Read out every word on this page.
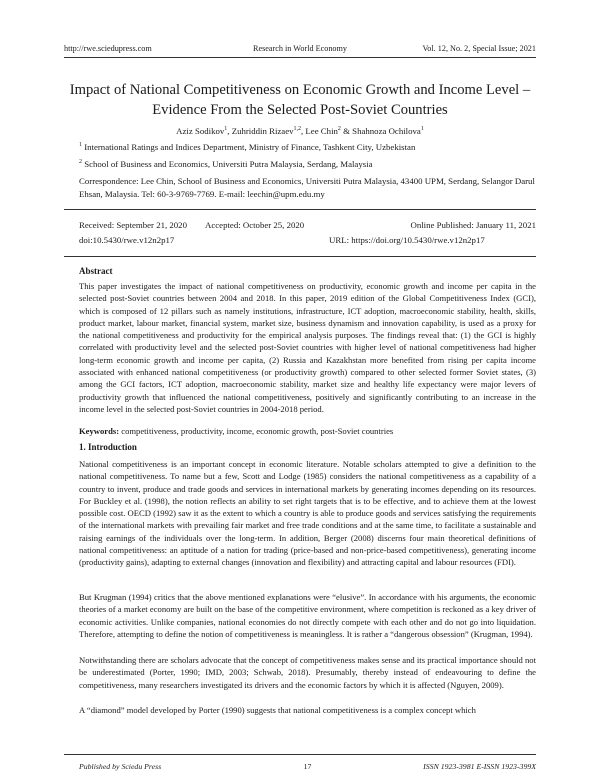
http://rwe.sciedupress.com	Research in World Economy	Vol. 12, No. 2, Special Issue; 2021
Impact of National Competitiveness on Economic Growth and Income Level – Evidence From the Selected Post-Soviet Countries
Aziz Sodikov$^1$, Zuhriddin Rizaev$^{1,2}$, Lee Chin$^2$ & Shahnoza Ochilova$^1$
$^1$ International Ratings and Indices Department, Ministry of Finance, Tashkent City, Uzbekistan
$^2$ School of Business and Economics, Universiti Putra Malaysia, Serdang, Malaysia
Correspondence: Lee Chin, School of Business and Economics, Universiti Putra Malaysia, 43400 UPM, Serdang, Selangor Darul Ehsan, Malaysia. Tel: 60-3-9769-7769. E-mail: leechin@upm.edu.my
Received: September 21, 2020 Accepted: October 25, 2020	Online Published: January 11, 2021
doi:10.5430/rwe.v12n2p17	URL: https://doi.org/10.5430/rwe.v12n2p17
Abstract

This paper investigates the impact of national competitiveness on productivity, economic growth and income per capita in the selected post-Soviet countries between 2004 and 2018. In this paper, 2019 edition of the Global Competitiveness Index (GCI), which is composed of 12 pillars such as namely institutions, infrastructure, ICT adoption, macroeconomic stability, health, skills, product market, labour market, financial system, market size, business dynamism and innovation capability, is used as a proxy for the national competitiveness and productivity for the empirical analysis purposes. The findings reveal that: (1) the GCI is highly correlated with productivity level and the selected post-Soviet countries with higher level of national competitiveness had higher long-term economic growth and income per capita, (2) Russia and Kazakhstan more benefited from rising per capita income associated with enhanced national competitiveness (or productivity growth) compared to other selected former Soviet states, (3) among the GCI factors, ICT adoption, macroeconomic stability, market size and healthy life expectancy were major levers of productivity growth that influenced the national competitiveness, positively and significantly contributing to an increase in the income level in the selected post-Soviet countries in 2004-2018 period.

Keywords: competitiveness, productivity, income, economic growth, post-Soviet countries
1. Introduction

National competitiveness is an important concept in economic literature. Notable scholars attempted to give a definition to the national competitiveness. To name but a few, Scott and Lodge (1985) considers the national competitiveness as a capability of a country to invent, produce and trade goods and services in international markets by generating incomes depending on its resources. For Buckley et al. (1998), the notion reflects an ability to set right targets that is to be effective, and to achieve them at the lowest possible cost. OECD (1992) saw it as the extent to which a country is able to produce goods and services satisfying the requirements of the international markets with prevailing fair market and free trade conditions and at the same time, to facilitate a sustainable and raising earnings of the individuals over the long-term. In addition, Berger (2008) discerns four main theoretical definitions of national competitiveness: an aptitude of a nation for trading (price-based and non-price-based competitiveness), generating income (productivity gains), adapting to external changes (innovation and flexibility) and attracting capital and labour resources (FDI).

But Krugman (1994) critics that the above mentioned explanations were “elusive”. In accordance with his arguments, the economic theories of a market economy are built on the base of the competitive environment, where competition is reckoned as a key driver of economic activities. Unlike companies, national economies do not directly compete with each other and do not go into liquidation. Therefore, attempting to define the notion of competitiveness is meaningless. It is rather a “dangerous obsession” (Krugman, 1994).

Notwithstanding there are scholars advocate that the concept of competitiveness makes sense and its practical importance should not be underestimated (Porter, 1990; IMD, 2003; Schwab, 2018). Presumably, thereby instead of endeavouring to define the competitiveness, many researchers investigated its drivers and the economic factors by which it is affected (Nguyen, 2009).

A “diamond” model developed by Porter (1990) suggests that national competitiveness is a complex concept which

Published by Sciedu Press	17	ISSN 1923-3981 E-ISSN 1923-399X
